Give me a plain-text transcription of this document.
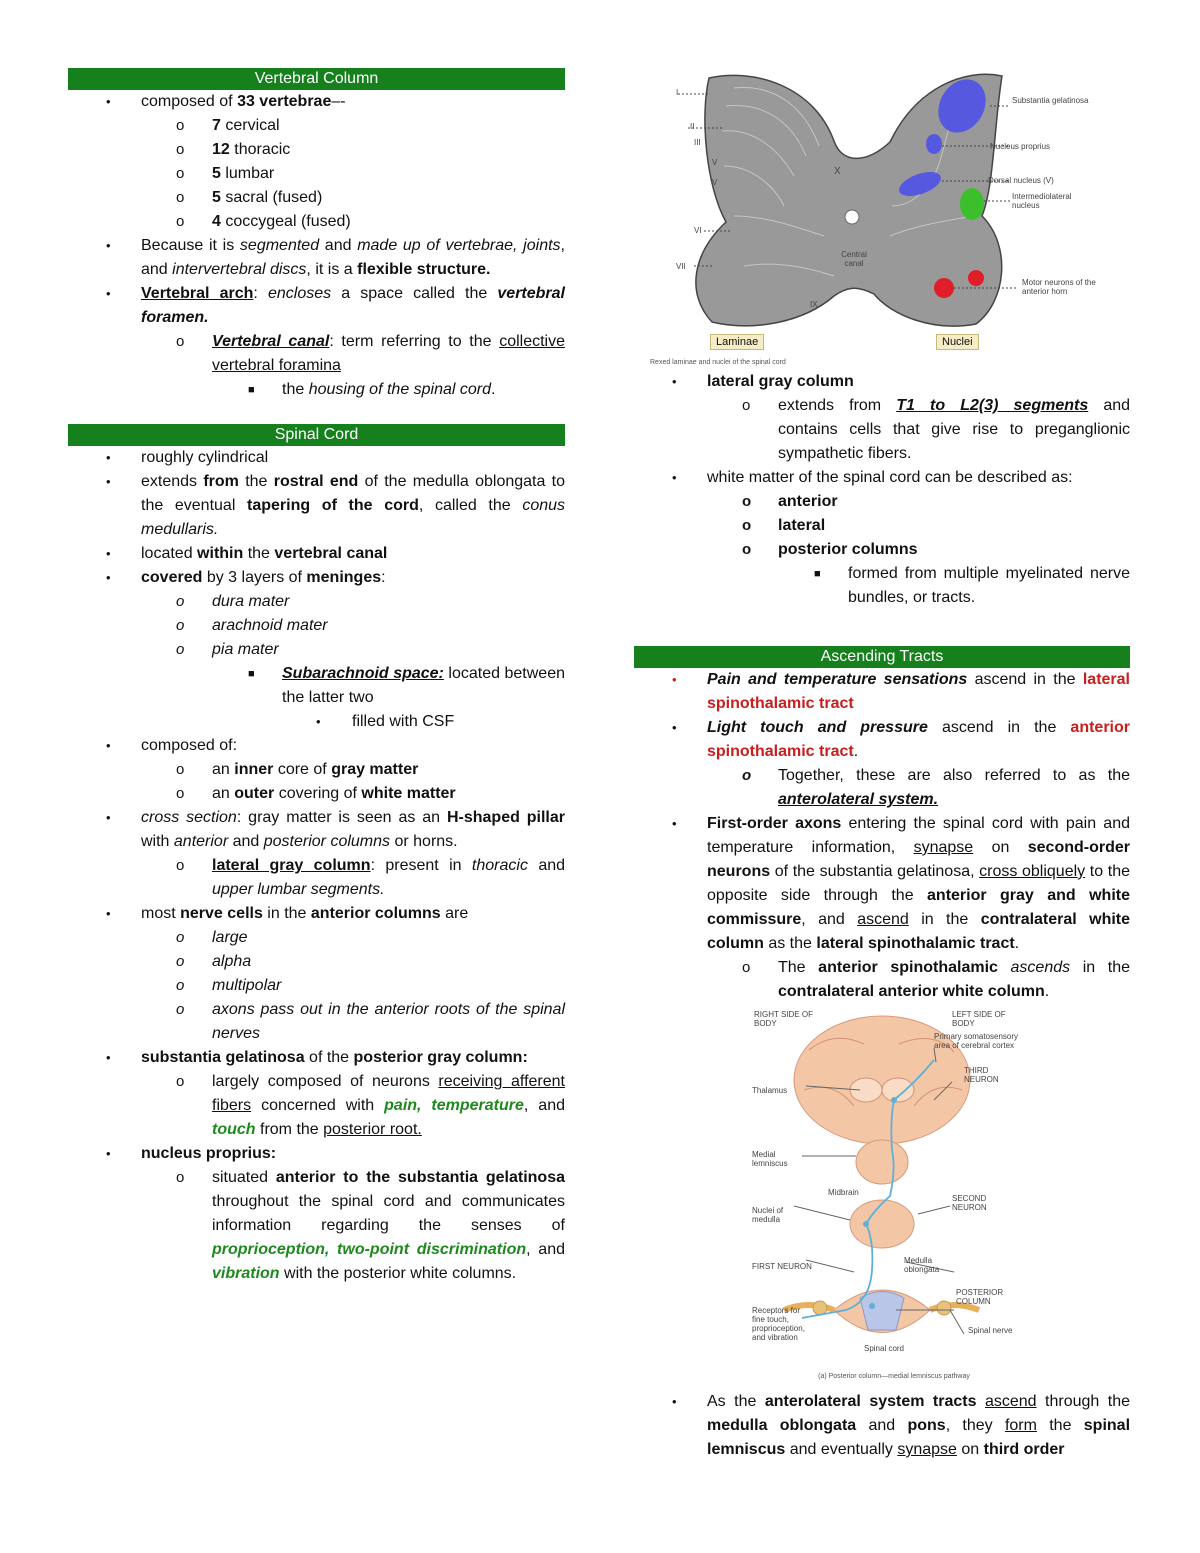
Vertebral Column
• composed of 33 vertebrae–-
o 7 cervical
o 12 thoracic
o 5 lumbar
o 5 sacral (fused)
o 4 coccygeal (fused)
• Because it is segmented and made up of vertebrae, joints, and intervertebral discs, it is a flexible structure.
• Vertebral arch: encloses a space called the vertebral foramen.
o Vertebral canal: term referring to the collective vertebral foramina
■ the housing of the spinal cord.
Spinal Cord
• roughly cylindrical
• extends from the rostral end of the medulla oblongata to the eventual tapering of the cord, called the conus medullaris.
• located within the vertebral canal
• covered by 3 layers of meninges:
o dura mater
o arachnoid mater
o pia mater
■ Subarachnoid space: located between the latter two
• filled with CSF
• composed of:
o an inner core of gray matter
o an outer covering of white matter
• cross section: gray matter is seen as an H-shaped pillar with anterior and posterior columns or horns.
o lateral gray column: present in thoracic and upper lumbar segments.
• most nerve cells in the anterior columns are
o large
o alpha
o multipolar
o axons pass out in the anterior roots of the spinal nerves
• substantia gelatinosa of the posterior gray column:
o largely composed of neurons receiving afferent fibers concerned with pain, temperature, and touch from the posterior root.
• nucleus proprius:
o situated anterior to the substantia gelatinosa throughout the spinal cord and communicates information regarding the senses of proprioception, two-point discrimination, and vibration with the posterior white columns.
X
I
II
III
V
V
VI
VII
IX
Central canal
Substantia gelatinosa
Nucleus proprius
Dorsal nucleus (V)
Intermediolateral nucleus
Motor neurons of the anterior horn
Laminae	Nuclei
Rexed laminae and nuclei of the spinal cord
• lateral gray column
o extends from T1 to L2(3) segments and contains cells that give rise to preganglionic sympathetic fibers.
• white matter of the spinal cord can be described as:
o anterior
o lateral
o posterior columns
■ formed from multiple myelinated nerve bundles, or tracts.
Ascending Tracts
• Pain and temperature sensations ascend in the lateral spinothalamic tract
• Light touch and pressure ascend in the anterior spinothalamic tract.
o Together, these are also referred to as the anterolateral system.
• First-order axons entering the spinal cord with pain and temperature information, synapse on second-order neurons of the substantia gelatinosa, cross obliquely to the opposite side through the anterior gray and white commissure, and ascend in the contralateral white column as the lateral spinothalamic tract.
o The anterior spinothalamic ascends in the contralateral anterior white column.
RIGHT SIDE OF BODY
LEFT SIDE OF BODY
Primary somatosensory area of cerebral cortex
THIRD NEURON
Thalamus
Medial lemniscus
Midbrain
SECOND NEURON
Nuclei of medulla
FIRST NEURON
Medulla oblongata
POSTERIOR COLUMN
Receptors for fine touch, proprioception, and vibration
Spinal nerve
Spinal cord
(a) Posterior column—medial lemniscus pathway
• As the anterolateral system tracts ascend through the medulla oblongata and pons, they form the spinal lemniscus and eventually synapse on third order
